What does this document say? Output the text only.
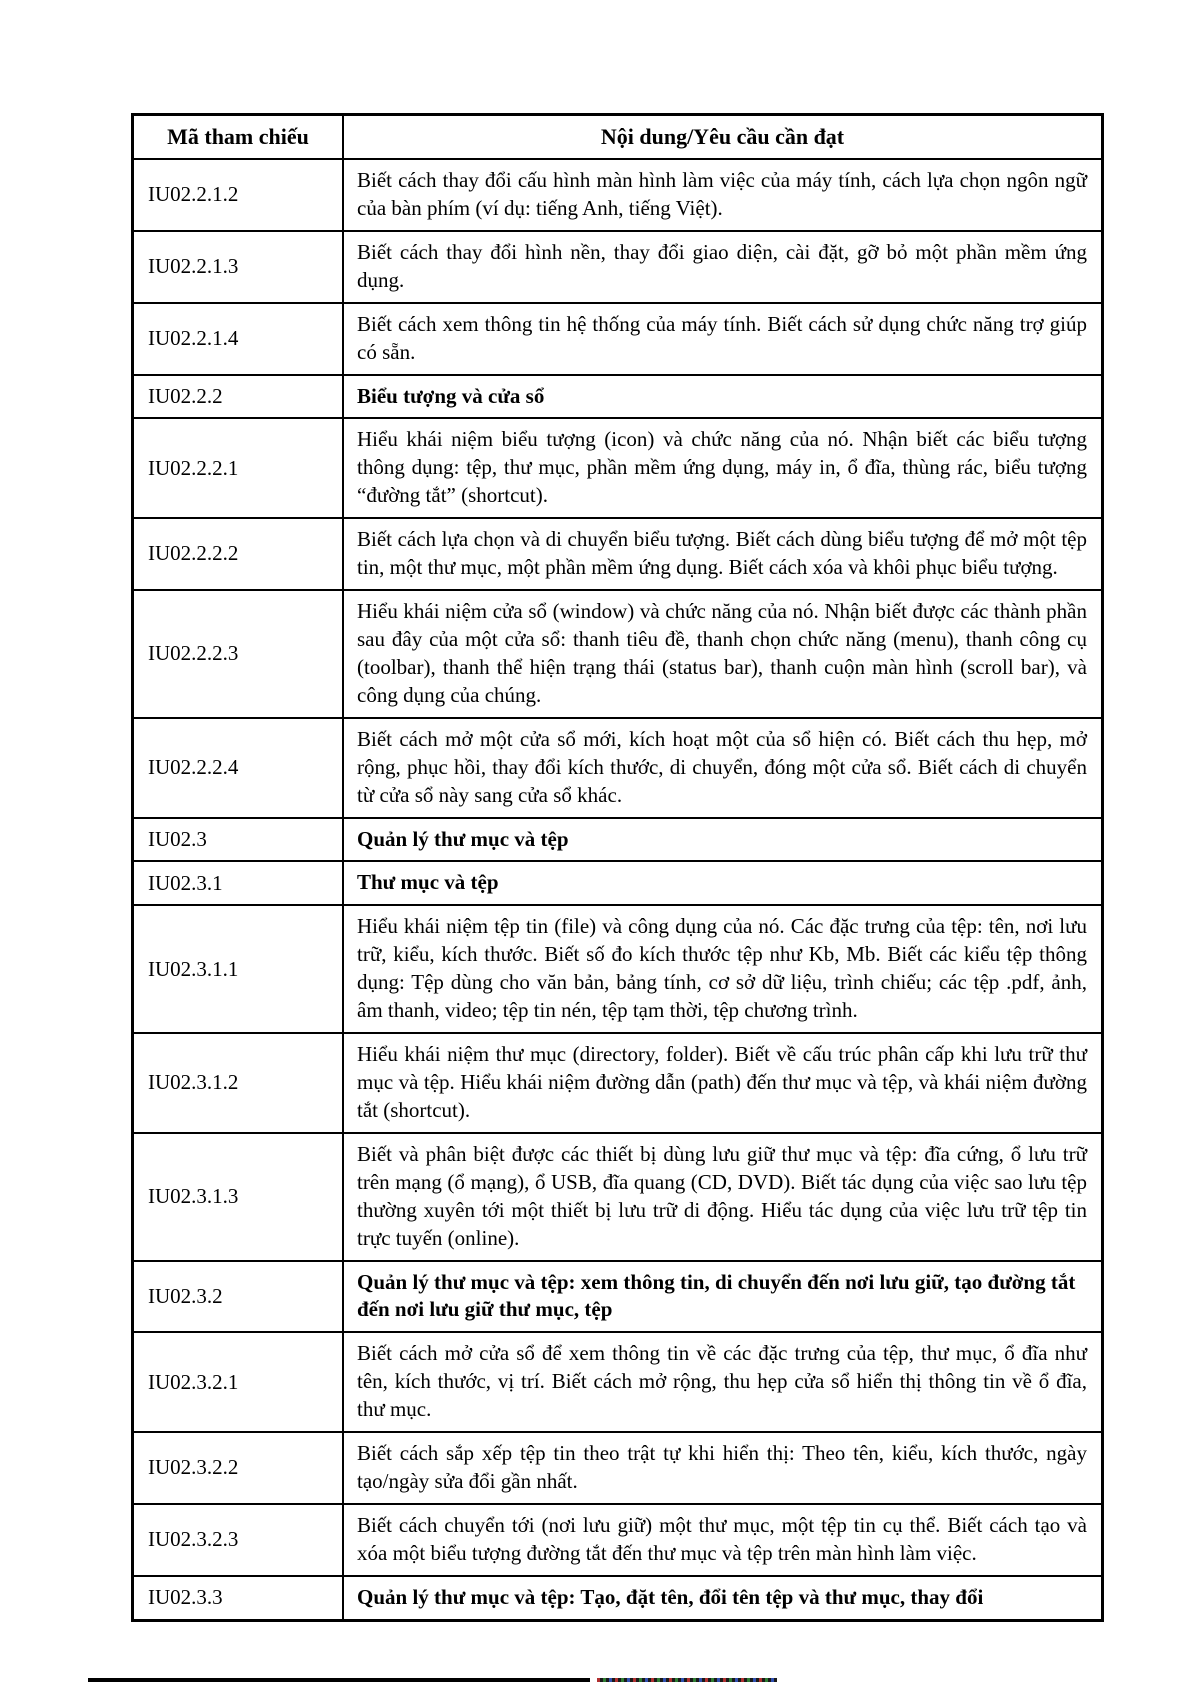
Mã tham chiếu	Nội dung/Yêu cầu cần đạt
IU02.2.1.2	Biết cách thay đổi cấu hình màn hình làm việc của máy tính, cách lựa chọn ngôn ngữ của bàn phím (ví dụ: tiếng Anh, tiếng Việt).
IU02.2.1.3	Biết cách thay đổi hình nền, thay đổi giao diện, cài đặt, gỡ bỏ một phần mềm ứng dụng.
IU02.2.1.4	Biết cách xem thông tin hệ thống của máy tính. Biết cách sử dụng chức năng trợ giúp có sẵn.
IU02.2.2	Biểu tượng và cửa sổ
IU02.2.2.1	Hiểu khái niệm biểu tượng (icon) và chức năng của nó. Nhận biết các biểu tượng thông dụng: tệp, thư mục, phần mềm ứng dụng, máy in, ổ đĩa, thùng rác, biểu tượng “đường tắt” (shortcut).
IU02.2.2.2	Biết cách lựa chọn và di chuyển biểu tượng. Biết cách dùng biểu tượng để mở một tệp tin, một thư mục, một phần mềm ứng dụng. Biết cách xóa và khôi phục biểu tượng.
IU02.2.2.3	Hiểu khái niệm cửa sổ (window) và chức năng của nó. Nhận biết được các thành phần sau đây của một cửa sổ: thanh tiêu đề, thanh chọn chức năng (menu), thanh công cụ (toolbar), thanh thể hiện trạng thái (status bar), thanh cuộn màn hình (scroll bar), và công dụng của chúng.
IU02.2.2.4	Biết cách mở một cửa sổ mới, kích hoạt một của sổ hiện có. Biết cách thu hẹp, mở rộng, phục hồi, thay đổi kích thước, di chuyển, đóng một cửa sổ. Biết cách di chuyển từ cửa sổ này sang cửa sổ khác.
IU02.3	Quản lý thư mục và tệp
IU02.3.1	Thư mục và tệp
IU02.3.1.1	Hiểu khái niệm tệp tin (file) và công dụng của nó. Các đặc trưng của tệp: tên, nơi lưu trữ, kiểu, kích thước. Biết số đo kích thước tệp như Kb, Mb. Biết các kiểu tệp thông dụng: Tệp dùng cho văn bản, bảng tính, cơ sở dữ liệu, trình chiếu; các tệp .pdf, ảnh, âm thanh, video; tệp tin nén, tệp tạm thời, tệp chương trình.
IU02.3.1.2	Hiểu khái niệm thư mục (directory, folder). Biết về cấu trúc phân cấp khi lưu trữ thư mục và tệp. Hiểu khái niệm đường dẫn (path) đến thư mục và tệp, và khái niệm đường tắt (shortcut).
IU02.3.1.3	Biết và phân biệt được các thiết bị dùng lưu giữ thư mục và tệp: đĩa cứng, ổ lưu trữ trên mạng (ổ mạng), ổ USB, đĩa quang (CD, DVD). Biết tác dụng của việc sao lưu tệp thường xuyên tới một thiết bị lưu trữ di động. Hiểu tác dụng của việc lưu trữ tệp tin trực tuyến (online).
IU02.3.2	Quản lý thư mục và tệp: xem thông tin, di chuyển đến nơi lưu giữ, tạo đường tắt đến nơi lưu giữ thư mục, tệp
IU02.3.2.1	Biết cách mở cửa sổ để xem thông tin về các đặc trưng của tệp, thư mục, ổ đĩa như tên, kích thước, vị trí. Biết cách mở rộng, thu hẹp cửa sổ hiển thị thông tin về ổ đĩa, thư mục.
IU02.3.2.2	Biết cách sắp xếp tệp tin theo trật tự khi hiển thị: Theo tên, kiểu, kích thước, ngày tạo/ngày sửa đổi gần nhất.
IU02.3.2.3	Biết cách chuyển tới (nơi lưu giữ) một thư mục, một tệp tin cụ thể. Biết cách tạo và xóa một biểu tượng đường tắt đến thư mục và tệp trên màn hình làm việc.
IU02.3.3	Quản lý thư mục và tệp: Tạo, đặt tên, đổi tên tệp và thư mục, thay đổi
